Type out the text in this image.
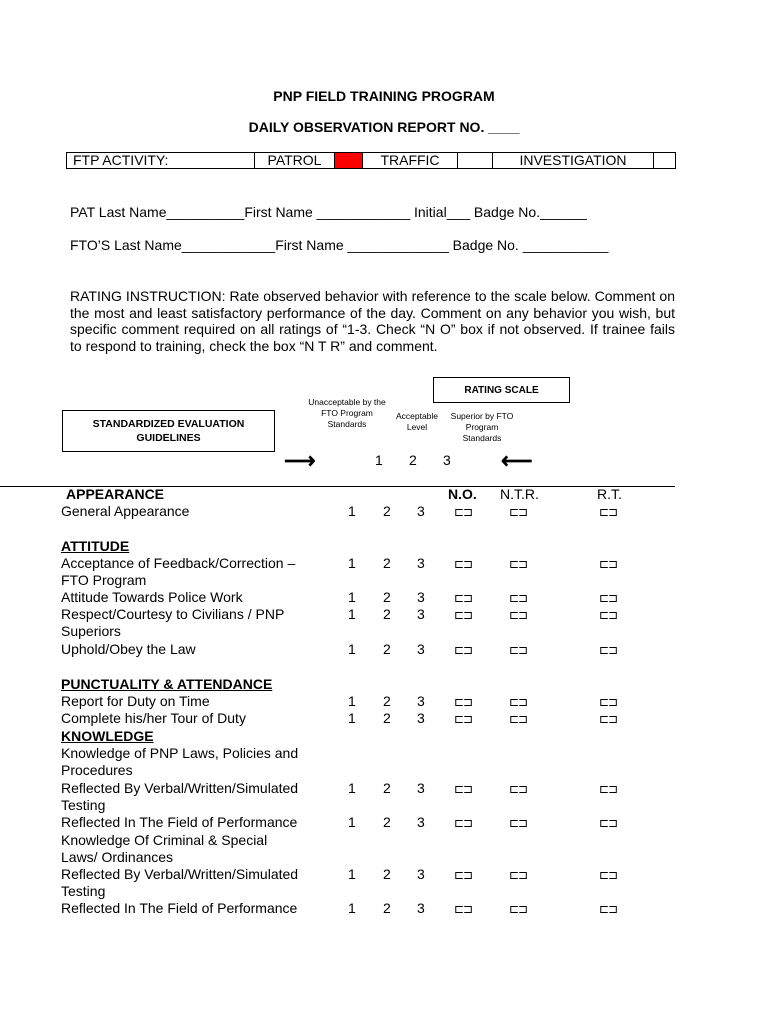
PNP FIELD TRAINING PROGRAM
DAILY OBSERVATION REPORT NO. ____
FTP ACTIVITY:	PATROL		TRAFFIC		INVESTIGATION	
PAT Last Name__________First Name ____________ Initial___ Badge No.______
FTO’S Last Name____________First Name _____________ Badge No. ___________
RATING INSTRUCTION: Rate observed behavior with reference to the scale below. Comment on the most and least satisfactory performance of the day. Comment on any behavior you wish, but specific comment required on all ratings of “1-3. Check “N O” box if not observed. If trainee fails to respond to training, check the box “N T R” and comment.
RATING SCALE
STANDARDIZED EVALUATION GUIDELINES
Unacceptable by the FTO Program Standards
Acceptable Level
Superior by FTO Program Standards
⟶	1 2 3 ⟵
APPEARANCE	N.O. N.T.R.	R.T.
General Appearance	1 2 3 ⊏⊐	⊏⊐	⊏⊐
ATTITUDE
Acceptance of Feedback/Correction –	1 2 3 ⊏⊐	⊏⊐	⊏⊐
FTO Program
Attitude Towards Police Work	1 2 3 ⊏⊐	⊏⊐	⊏⊐
Respect/Courtesy to Civilians / PNP	1 2 3 ⊏⊐	⊏⊐	⊏⊐
Superiors
Uphold/Obey the Law	1 2 3 ⊏⊐	⊏⊐	⊏⊐
PUNCTUALITY & ATTENDANCE
Report for Duty on Time	1 2 3 ⊏⊐	⊏⊐	⊏⊐
Complete his/her Tour of Duty	1 2 3 ⊏⊐	⊏⊐	⊏⊐
KNOWLEDGE
Knowledge of PNP Laws, Policies and
Procedures
Reflected By Verbal/Written/Simulated	1 2 3 ⊏⊐	⊏⊐	⊏⊐
Testing
Reflected In The Field of Performance	1 2 3 ⊏⊐	⊏⊐	⊏⊐
Knowledge Of Criminal & Special
Laws/ Ordinances
Reflected By Verbal/Written/Simulated	1 2 3 ⊏⊐	⊏⊐	⊏⊐
Testing
Reflected In The Field of Performance	1 2 3 ⊏⊐	⊏⊐	⊏⊐
